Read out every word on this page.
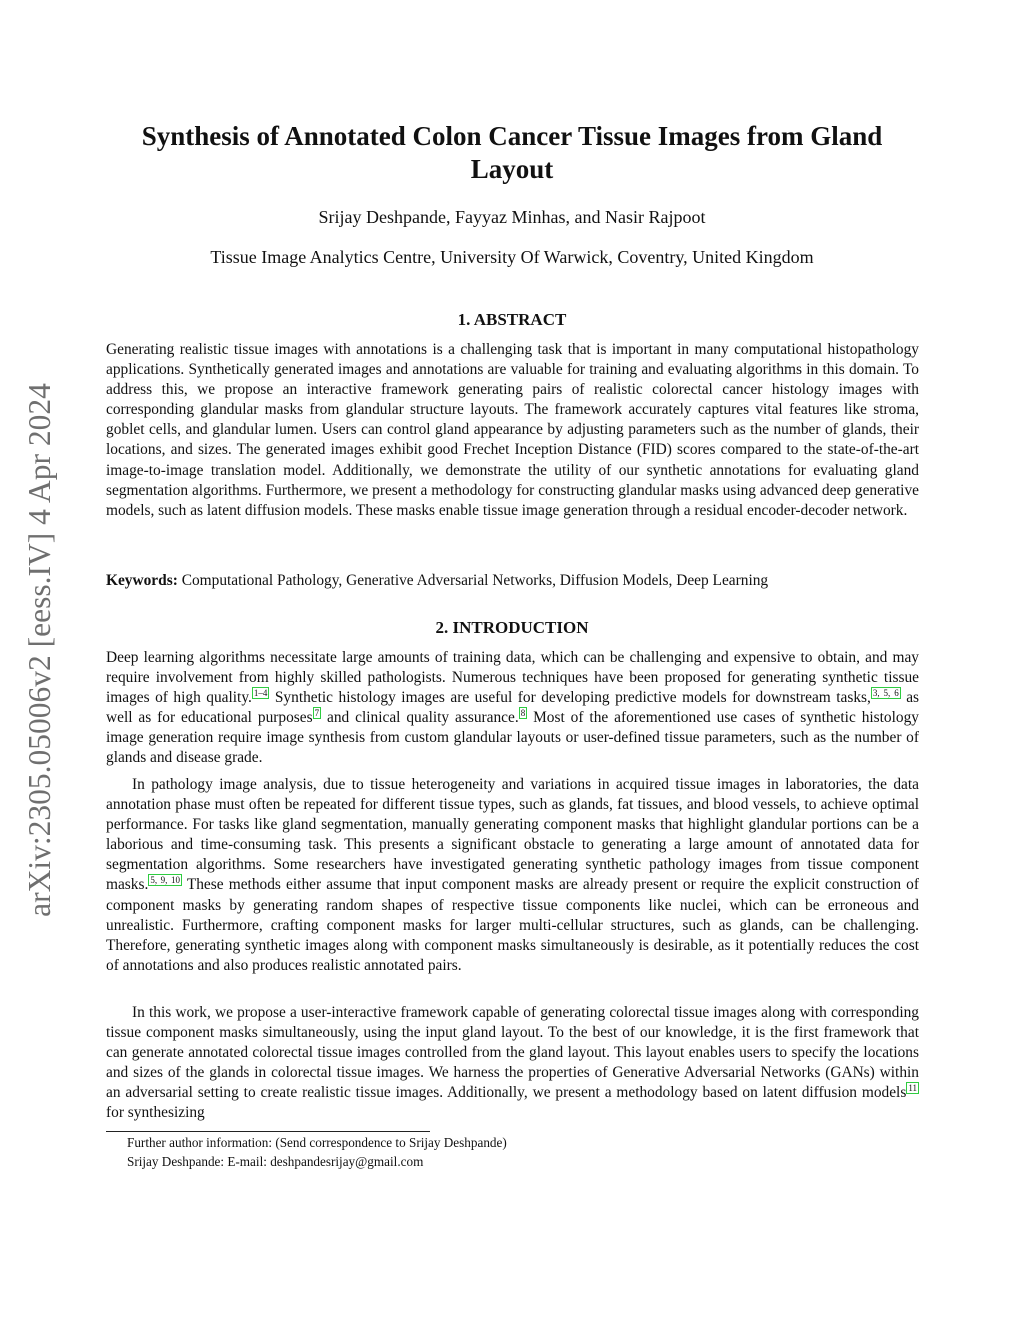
arXiv:2305.05006v2 [eess.IV] 4 Apr 2024
Synthesis of Annotated Colon Cancer Tissue Images from Gland Layout

Srijay Deshpande, Fayyaz Minhas, and Nasir Rajpoot

Tissue Image Analytics Centre, University Of Warwick, Coventry, United Kingdom

1. ABSTRACT

Generating realistic tissue images with annotations is a challenging task that is important in many computational histopathology applications. Synthetically generated images and annotations are valuable for training and evaluating algorithms in this domain. To address this, we propose an interactive framework generating pairs of realistic colorectal cancer histology images with corresponding glandular masks from glandular structure layouts. The framework accurately captures vital features like stroma, goblet cells, and glandular lumen. Users can control gland appearance by adjusting parameters such as the number of glands, their locations, and sizes. The generated images exhibit good Frechet Inception Distance (FID) scores compared to the state-of-the-art image-to-image translation model. Additionally, we demonstrate the utility of our synthetic annotations for evaluating gland segmentation algorithms. Furthermore, we present a methodology for constructing glandular masks using advanced deep generative models, such as latent diffusion models. These masks enable tissue image generation through a residual encoder-decoder network.

Keywords: Computational Pathology, Generative Adversarial Networks, Diffusion Models, Deep Learning

2. INTRODUCTION

Deep learning algorithms necessitate large amounts of training data, which can be challenging and expensive to obtain, and may require involvement from highly skilled pathologists. Numerous techniques have been proposed for generating synthetic tissue images of high quality. $^{1-4}$ Synthetic histology images are useful for developing predictive models for downstream tasks, $^{3, 5, 6}$ as well as for educational purposes $^7$ and clinical quality assurance. $^8$ Most of the aforementioned use cases of synthetic histology image generation require image synthesis from custom glandular layouts or user-defined tissue parameters, such as the number of glands and disease grade.

In pathology image analysis, due to tissue heterogeneity and variations in acquired tissue images in laboratories, the data annotation phase must often be repeated for different tissue types, such as glands, fat tissues, and blood vessels, to achieve optimal performance. For tasks like gland segmentation, manually generating component masks that highlight glandular portions can be a laborious and time-consuming task. This presents a significant obstacle to generating a large amount of annotated data for segmentation algorithms. Some researchers have investigated generating synthetic pathology images from tissue component masks. $^{5, 9, 10}$ These methods either assume that input component masks are already present or require the explicit construction of component masks by generating random shapes of respective tissue components like nuclei, which can be erroneous and unrealistic. Furthermore, crafting component masks for larger multi-cellular structures, such as glands, can be challenging. Therefore, generating synthetic images along with component masks simultaneously is desirable, as it potentially reduces the cost of annotations and also produces realistic annotated pairs.

In this work, we propose a user-interactive framework capable of generating colorectal tissue images along with corresponding tissue component masks simultaneously, using the input gland layout. To the best of our knowledge, it is the first framework that can generate annotated colorectal tissue images controlled from the gland layout. This layout enables users to specify the locations and sizes of the glands in colorectal tissue images. We harness the properties of Generative Adversarial Networks (GANs) within an adversarial setting to create realistic tissue images. Additionally, we present a methodology based on latent diffusion models $^{11}$ for synthesizing

Further author information: (Send correspondence to Srijay Deshpande)

Srijay Deshpande: E-mail: deshpandesrijay@gmail.com
